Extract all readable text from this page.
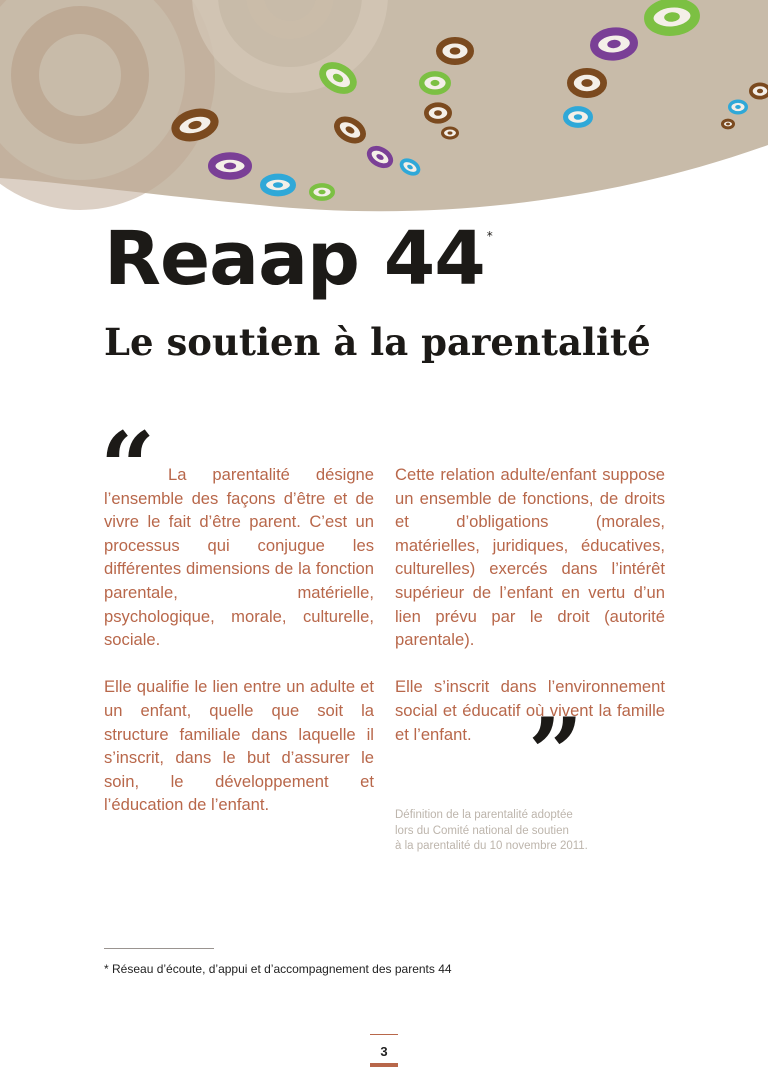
Reaap 44 *
Le soutien à la parentalité
“ La parentalité désigne l’ensemble des façons d’être et de vivre le fait d’être parent. C’est un processus qui conjugue les différentes dimensions de la fonction parentale, matérielle, psychologique, morale, culturelle, sociale.

Elle qualifie le lien entre un adulte et un enfant, quelle que soit la structure familiale dans laquelle il s’inscrit, dans le but d’assurer le soin, le développement et l’éducation de l’enfant.

Cette relation adulte/enfant suppose un ensemble de fonctions, de droits et d’obligations (morales, matérielles, juridiques, éducatives, culturelles) exercés dans l’intérêt supérieur de l’enfant en vertu d’un lien prévu par le droit (autorité parentale).

Elle s’inscrit dans l’environnement social et éducatif où vivent la famille et l’enfant. ”
Définition de la parentalité adoptée
lors du Comité national de soutien
à la parentalité du 10 novembre 2011.
* Réseau d’écoute, d’appui et d’accompagnement des parents 44
3
